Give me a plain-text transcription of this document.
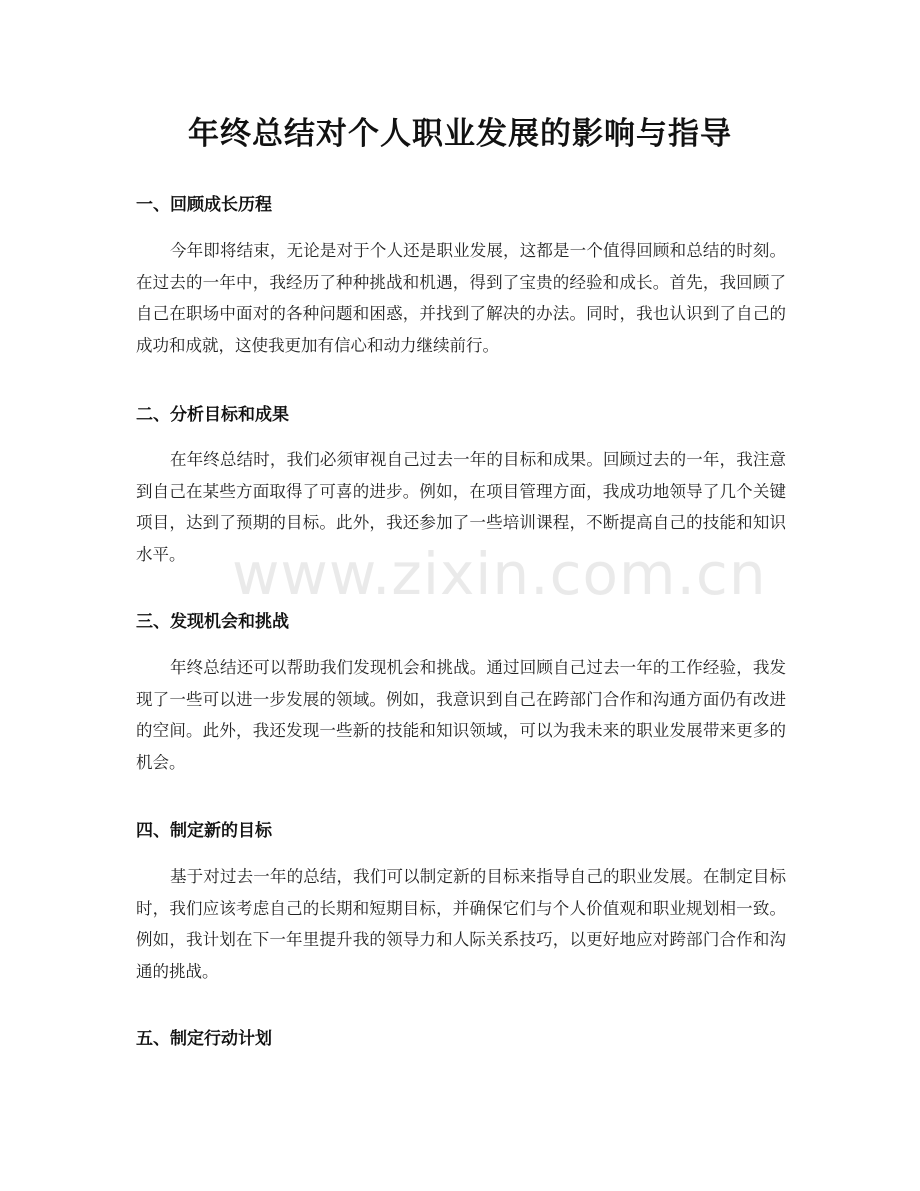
年终总结对个人职业发展的影响与指导
一、回顾成长历程
今年即将结束，无论是对于个人还是职业发展，这都是一个值得回顾和总结的时刻。在过去的一年中，我经历了种种挑战和机遇，得到了宝贵的经验和成长。首先，我回顾了自己在职场中面对的各种问题和困惑，并找到了解决的办法。同时，我也认识到了自己的成功和成就，这使我更加有信心和动力继续前行。
二、分析目标和成果
在年终总结时，我们必须审视自己过去一年的目标和成果。回顾过去的一年，我注意到自己在某些方面取得了可喜的进步。例如，在项目管理方面，我成功地领导了几个关键项目，达到了预期的目标。此外，我还参加了一些培训课程，不断提高自己的技能和知识水平。
三、发现机会和挑战
年终总结还可以帮助我们发现机会和挑战。通过回顾自己过去一年的工作经验，我发现了一些可以进一步发展的领域。例如，我意识到自己在跨部门合作和沟通方面仍有改进的空间。此外，我还发现一些新的技能和知识领域，可以为我未来的职业发展带来更多的机会。
四、制定新的目标
基于对过去一年的总结，我们可以制定新的目标来指导自己的职业发展。在制定目标时，我们应该考虑自己的长期和短期目标，并确保它们与个人价值观和职业规划相一致。例如，我计划在下一年里提升我的领导力和人际关系技巧，以更好地应对跨部门合作和沟通的挑战。
五、制定行动计划
www.zixin.com.cn
